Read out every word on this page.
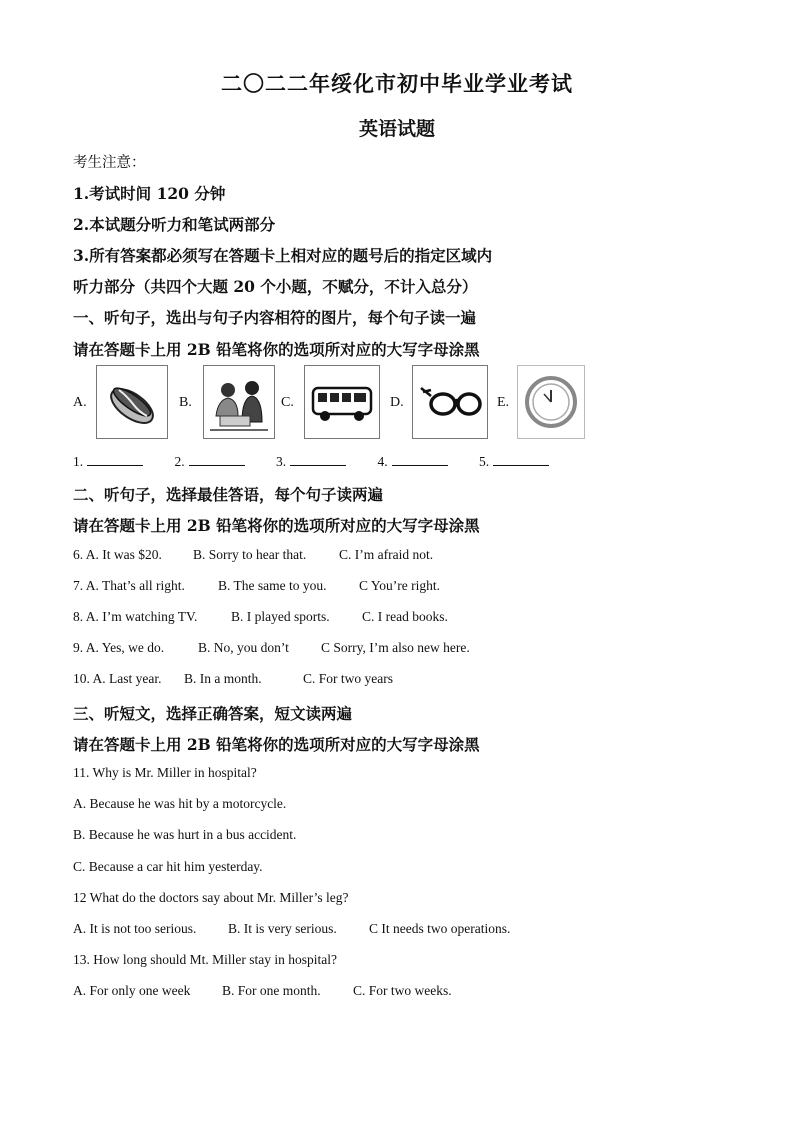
二〇二二年绥化市初中毕业学业考试
英语试题
考生注意：
1.考试时间 120 分钟
2.本试题分听力和笔试两部分
3.所有答案都必须写在答题卡上相对应的题号后的指定区域内
听力部分（共四个大题 20 个小题，不赋分，不计入总分）
一、听句子，选出与句子内容相符的图片，每个句子读一遍
请在答题卡上用 2B 铅笔将你的选项所对应的大写字母涂黑
A.	B.	C.	D.	E.
1.	2.	3.	4.	5.
二、听句子，选择最佳答语，每个句子读两遍
请在答题卡上用 2B 铅笔将你的选项所对应的大写字母涂黑
6. A. It was $20. B. Sorry to hear that. C. I’m afraid not.
7. A. That’s all right. B. The same to you. C You’re right.
8. A. I’m watching TV. B. I played sports. C. I read books.
9. A. Yes, we do.	B. No, you don’t C Sorry, I’m also new here.
10. A. Last year. B. In a month.	C. For two years
三、听短文，选择正确答案，短文读两遍
请在答题卡上用 2B 铅笔将你的选项所对应的大写字母涂黑
11. Why is Mr. Miller in hospital?
A. Because he was hit by a motorcycle.
B. Because he was hurt in a bus accident.
C. Because a car hit him yesterday.
12 What do the doctors say about Mr. Miller’s leg?
A. It is not too serious. B. It is very serious. C It needs two operations.
13. How long should Mt. Miller stay in hospital?
A. For only one week B. For one month. C. For two weeks.
